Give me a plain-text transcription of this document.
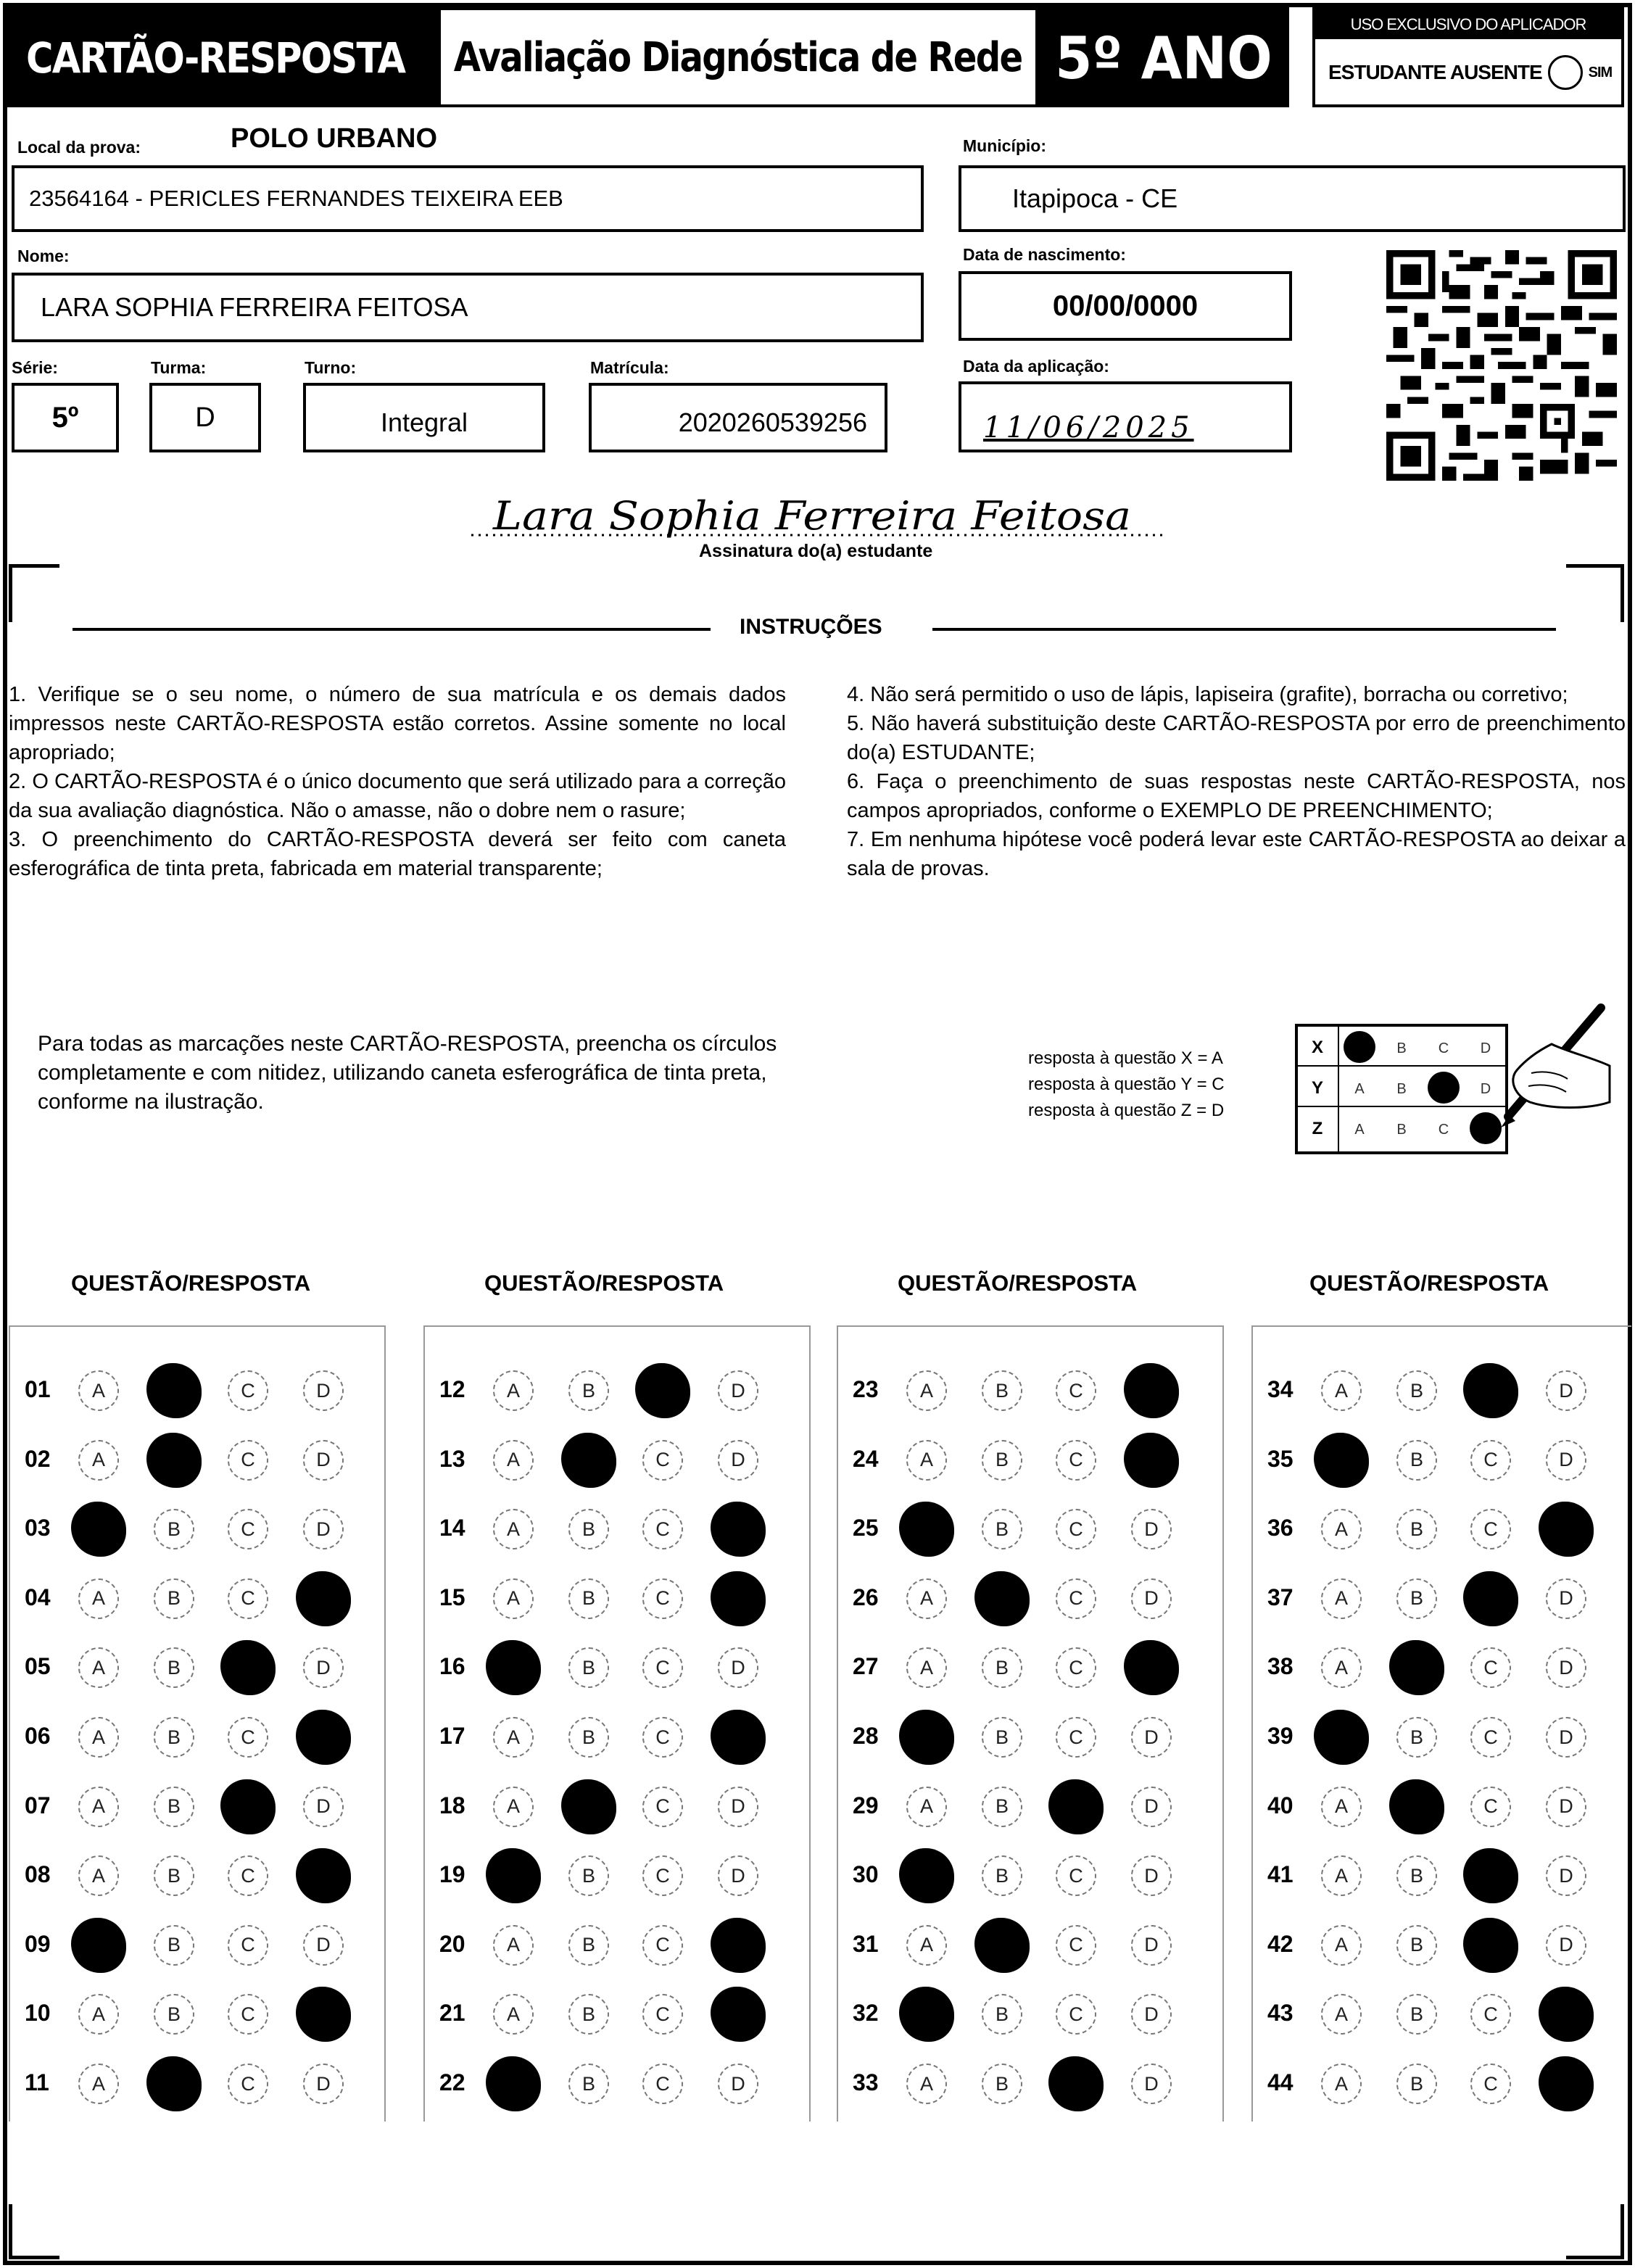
CARTÃO-RESPOSTA Avaliação Diagnóstica de Rede 5º ANO
USO EXCLUSIVO DO APLICADOR
ESTUDANTE AUSENTE	SIM
Local da prova:	POLO URBANO
23564164 - PERICLES FERNANDES TEIXEIRA EEB
Município:
Itapipoca - CE
Nome:
LARA SOPHIA FERREIRA FEITOSA
Data de nascimento:
00/00/0000
Série:
5º
Turma:
D
Turno:
Integral
Matrícula:
2020260539256
Data da aplicação:
11/06/2025
Lara Sophia Ferreira Feitosa
Assinatura do(a) estudante
INSTRUÇÕES

1. Verifique se o seu nome, o número de sua matrícula e os demais dados impressos neste CARTÃO-RESPOSTA estão corretos. Assine somente no local apropriado;

2. O CARTÃO-RESPOSTA é o único documento que será utilizado para a correção da sua avaliação diagnóstica. Não o amasse, não o dobre nem o rasure;

3. O preenchimento do CARTÃO-RESPOSTA deverá ser feito com caneta esferográfica de tinta preta, fabricada em material transparente;

4. Não será permitido o uso de lápis, lapiseira (grafite), borracha ou corretivo;

5. Não haverá substituição deste CARTÃO-RESPOSTA por erro de preenchimento do(a) ESTUDANTE;

6. Faça o preenchimento de suas respostas neste CARTÃO-RESPOSTA, nos campos apropriados, conforme o EXEMPLO DE PREENCHIMENTO;

7. Em nenhuma hipótese você poderá levar este CARTÃO-RESPOSTA ao deixar a sala de provas.

Para todas as marcações neste CARTÃO-RESPOSTA, preencha os círculos completamente e com nitidez, utilizando caneta esferográfica de tinta preta, conforme na ilustração.
resposta à questão X = A
resposta à questão Y = C
resposta à questão Z = D
X	B C D
Y A B	D
Z A B C
QUESTÃO/RESPOSTA	QUESTÃO/RESPOSTA	QUESTÃO/RESPOSTA	QUESTÃO/RESPOSTA
01	A	B	C	D
02	A	B	C	D
03	A	B	C	D
04	A	B	C	D
05	A	B	C	D
06	A	B	C	D
07	A	B	C	D
08	A	B	C	D
09	A	B	C	D
10	A	B	C	D
11	A	B	C	D
12	A	B	C	D
13	A	B	C	D
14	A	B	C	D
15	A	B	C	D
16	A	B	C	D
17	A	B	C	D
18	A	B	C	D
19	A	B	C	D
20	A	B	C	D
21	A	B	C	D
22	A	B	C	D
23	A	B	C	D
24	A	B	C	D
25	A	B	C	D
26	A	B	C	D
27	A	B	C	D
28	A	B	C	D
29	A	B	C	D
30	A	B	C	D
31	A	B	C	D
32	A	B	C	D
33	A	B	C	D
34	A	B	C	D
35	A	B	C	D
36	A	B	C	D
37	A	B	C	D
38	A	B	C	D
39	A	B	C	D
40	A	B	C	D
41	A	B	C	D
42	A	B	C	D
43	A	B	C	D
44	A	B	C	D
